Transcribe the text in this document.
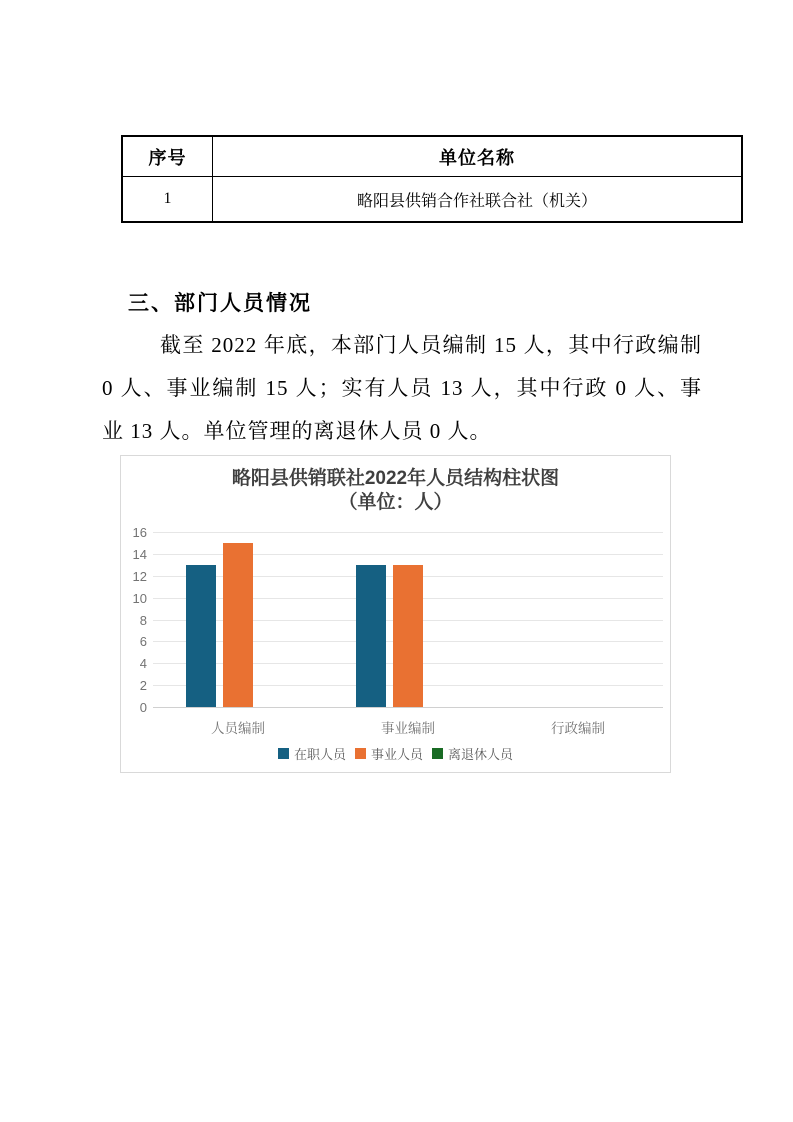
序号	单位名称
1	略阳县供销合作社联合社（机关）
三、部门人员情况
截至 2022 年底，本部门人员编制 15 人，其中行政编制
0 人、事业编制 15 人；实有人员 13 人，其中行政 0 人、事
业 13 人。单位管理的离退休人员 0 人。
略阳县供销联社2022年人员结构柱状图
（单位：人）
人员编制	事业编制	行政编制
在职人员 事业人员 离退休人员
0
2
4
6
8
10
12
14
16
